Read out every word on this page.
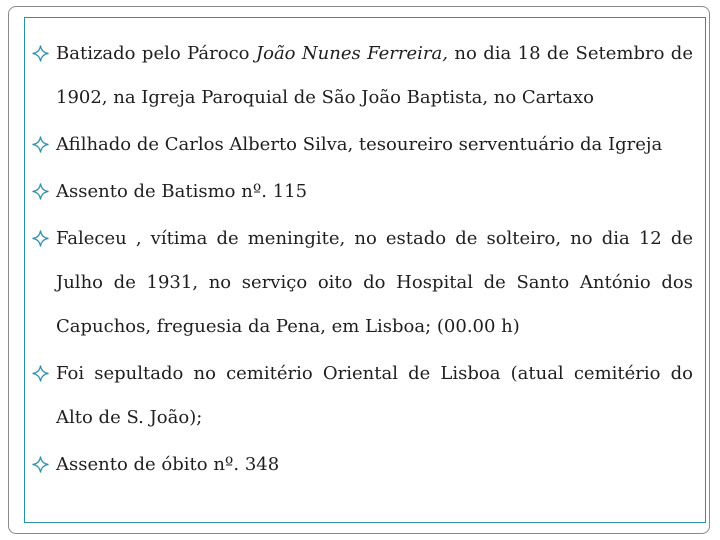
Batizado pelo Pároco João Nunes Ferreira, no dia 18 de Setembro de 1902, na Igreja Paroquial de São João Baptista, no Cartaxo

Afilhado de Carlos Alberto Silva, tesoureiro serventuário da Igreja

Assento de Batismo nº. 115

Faleceu , vítima de meningite, no estado de solteiro, no dia 12 de Julho de 1931, no serviço oito do Hospital de Santo António dos Capuchos, freguesia da Pena, em Lisboa; (00.00 h)

Foi sepultado no cemitério Oriental de Lisboa (atual cemitério do Alto de S. João);

Assento de óbito nº. 348
